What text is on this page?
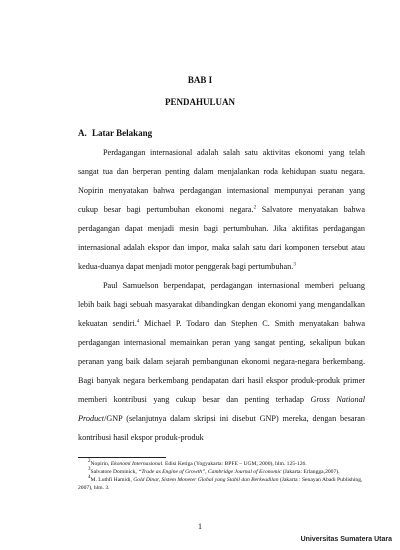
BAB I
PENDAHULUAN
A. Latar Belakang

Perdagangan internasional adalah salah satu aktivitas ekonomi yang telah sangat tua dan berperan penting dalam menjalankan roda kehidupan suatu negara. Nopirin menyatakan bahwa perdagangan internasional mempunyai peranan yang cukup besar bagi pertumbuhan ekonomi negara.$^2$ Salvatore menyatakan bahwa perdagangan dapat menjadi mesin bagi pertumbuhan. Jika aktifitas perdagangan internasional adalah ekspor dan impor, maka salah satu dari komponen tersebut atau kedua-duanya dapat menjadi motor penggerak bagi pertumbuhan.$^3$

Paul Samuelson berpendapat, perdagangan internasional memberi peluang lebih baik bagi sebuah masyarakat dibandingkan dengan ekonomi yang mengandalkan kekuatan sendiri.$^4$ Michael P. Todaro dan Stephen C. Smith menyatakan bahwa perdagangan internasional memainkan peran yang sangat penting, sekalipun bukan peranan yang baik dalam sejarah pembangunan ekonomi negara-negara berkembang. Bagi banyak negara berkembang pendapatan dari hasil ekspor produk-produk primer memberi kontribusi yang cukup besar dan penting terhadap Gross National Product/GNP (selanjutnya dalam skripsi ini disebut GNP) mereka, dengan besaran kontribusi hasil ekspor produk-produk

$^2$Nopirin, Ekonomi Internasional. Edisi Ketiga (Yogyakarta: BPFE – UGM, 2000), hlm. 125-126.

$^3$Salvatore Dominick, “Trade as Engine of Growth”, Cambridge Journal of Economic (Jakarta: Erlangga,2007).

$^4$M. Luthfi Hamidi, Gold Dinar, Sistem Moneter Global yang Stabil dan Berkeadilan (Jakarta : Senayan Abadi Publishing, 2007), hlm. 3.

1
Universitas Sumatera Utara
